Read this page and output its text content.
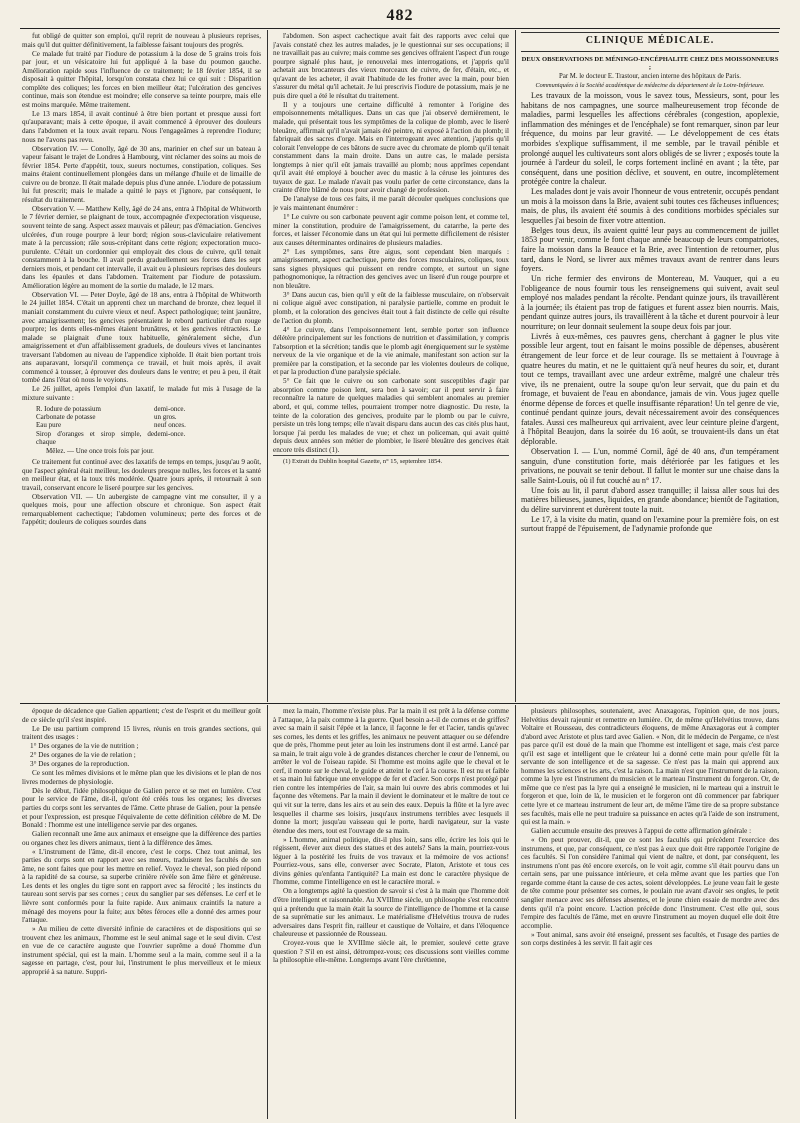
482

fut obligé de quitter son emploi, qu'il reprit de nouveau à plusieurs reprises, mais qu'il dut quitter définitivement, la faiblesse faisant toujours des progrès.

Ce malade fut traité par l'iodure de potassium à la dose de 5 grains trois fois par jour, et un vésicatoire lui fut appliqué à la base du poumon gauche. Amélioration rapide sous l'influence de ce traitement; le 18 février 1854, il se disposait à quitter l'hôpital, lorsqu'on constata chez lui ce qui suit : Disparition complète des coliques; les forces en bien meilleur état; l'ulcération des gencives continue, mais son étendue est moindre; elle conserve sa teinte pourpre, mais elle est moins marquée. Même traitement.

Le 13 mars 1854, il avait continué à être bien portant et presque aussi fort qu'auparavant; mais à cette époque, il avait commencé à éprouver des douleurs dans l'abdomen et la toux avait reparu. Nous l'engageâmes à reprendre l'iodure; nous ne l'avons pas revu.

Observation IV. — Conolly, âgé de 30 ans, marinier en chef sur un bateau à vapeur faisant le trajet de Londres à Hambourg, vint réclamer des soins au mois de février 1854. Perte d'appétit, toux, sueurs nocturnes, constipation, coliques. Ses mains étaient continuellement plongées dans un mélange d'huile et de limaille de cuivre ou de bronze. Il était malade depuis plus d'une année. L'iodure de potassium lui fut prescrit; mais le malade a quitté le pays et j'ignore, par conséquent, le résultat du traitement.

Observation V. — Matthew Kelly, âgé de 24 ans, entra à l'hôpital de Whitworth le 7 février dernier, se plaignant de toux, accompagnée d'expectoration visqueuse, souvent teinte de sang. Aspect assez mauvais et pâleur; pas d'émaciation. Gencives ulcérées, d'un rouge pourpre à leur bord; région sous-claviculaire relativement mate à la percussion; râle sous-crépitant dans cette région; expectoration muco-purulente. C'était un cordonnier qui employait des clous de cuivre, qu'il tenait constamment à la bouche. Il avait perdu graduellement ses forces dans les sept derniers mois, et pendant cet intervalle, il avait eu à plusieurs reprises des douleurs dans les épaules et dans l'abdomen. Traitement par l'iodure de potassium. Amélioration légère au moment de la sortie du malade, le 12 mars.

Observation VI. — Peter Doyle, âgé de 18 ans, entra à l'hôpital de Whitworth le 24 juillet 1854. C'était un apprenti chez un marchand de bronze, chez lequel il maniait constamment du cuivre vieux et neuf. Aspect pathologique; teint jaunâtre, avec amaigrissement; les gencives présentaient le rebord particulier d'un rouge pourpre; les dents elles-mêmes étaient brunâtres, et les gencives rétractées. Le malade se plaignait d'une toux habituelle, généralement sèche, d'un amaigrissement et d'un affaiblissement graduels, de douleurs vives et lancinantes traversant l'abdomen au niveau de l'appendice xiphoïde. Il était bien portant trois ans auparavant, lorsqu'il commença ce travail, et huit mois après, il avait commencé à tousser, à éprouver des douleurs dans le ventre; et peu à peu, il était tombé dans l'état où nous le voyions.

Le 26 juillet, après l'emploi d'un laxatif, le malade fut mis à l'usage de la mixture suivante :

R. Iodure de potassium	demi-once.
Carbonate de potasse	un gros.
Eau pure	neuf onces.
Sirop d'oranges et sirop simple, de chaque
demi-once.
Mêlez. — Une once trois fois par jour.

Ce traitement fut continué avec des laxatifs de temps en temps, jusqu'au 9 août, que l'aspect général était meilleur, les douleurs presque nulles, les forces et la santé en meilleur état, et la toux très modérée. Quatre jours après, il retournait à son travail, conservant encore le liseré pourpre sur les gencives.

Observation VII. — Un aubergiste de campagne vint me consulter, il y a quelques mois, pour une affection obscure et chronique. Son aspect était remarquablement cachectique; l'abdomen volumineux; perte des forces et de l'appétit; douleurs de coliques sourdes dans

l'abdomen. Son aspect cachectique avait fait des rapports avec celui que j'avais constaté chez les autres malades, je le questionnai sur ses occupations; il ne travaillait pas au cuivre; mais comme ses gencives offraient l'aspect d'un rouge pourpre signalé plus haut, je renouvelai mes interrogations, et j'appris qu'il achetait aux brocanteurs des vieux morceaux de cuivre, de fer, d'étain, etc., et qu'avant de les acheter, il avait l'habitude de les frotter avec la main, pour bien s'assurer du métal qu'il achetait. Je lui prescrivis l'iodure de potassium, mais je ne puis dire quel a été le résultat du traitement.

Il y a toujours une certaine difficulté à remonter à l'origine des empoisonnements métalliques. Dans un cas que j'ai observé dernièrement, le malade, qui présentait tous les symptômes de la colique de plomb, avec le liseré bleuâtre, affirmait qu'il n'avait jamais été peintre, ni exposé à l'action du plomb; il fabriquait des sacres d'orge. Mais en l'interrogeant avec attention, j'appris qu'il colorait l'enveloppe de ces bâtons de sucre avec du chromate de plomb qu'il tenait constamment dans la main droite. Dans un autre cas, le malade persista longtemps à nier qu'il eût jamais travaillé au plomb; nous apprîmes cependant qu'il avait été employé à boucher avec du mastic à la céruse les jointures des tuyaux de gaz. Le malade n'avait pas voulu parler de cette circonstance, dans la crainte d'être blâmé de nous pour avoir changé de profession.

De l'analyse de tous ces faits, il me paraît découler quelques conclusions que je vais maintenant énumérer :

1° Le cuivre ou son carbonate peuvent agir comme poison lent, et comme tel, miner la constitution, produire de l'amaigrissement, du catarrhe, la perte des forces, et laisser l'économie dans un état qui lui permette difficilement de résister aux causes déterminantes ordinaires de plusieurs maladies.

2° Les symptômes, sans être aigus, sont cependant bien marqués : amaigrissement, aspect cachectique, perte des forces musculaires, coliques, toux sans signes physiques qui puissent en rendre compte, et surtout un signe pathognomonique, la rétraction des gencives avec un liseré d'un rouge pourpre et non bleuâtre.

3° Dans aucun cas, bien qu'il y eût de la faiblesse musculaire, on n'observait ni colique aiguë avec constipation, ni paralysie partielle, comme en produit le plomb, et la coloration des gencives était tout à fait distincte de celle qui résulte de l'action du plomb.

4° Le cuivre, dans l'empoisonnement lent, semble porter son influence délétère principalement sur les fonctions de nutrition et d'assimilation, y compris l'absorption et la sécrétion; tandis que le plomb agit énergiquement sur le système nerveux de la vie organique et de la vie animale, manifestant son action sur la première par la constipation, et la seconde par les violentes douleurs de colique, et par la production d'une paralysie spéciale.

5° Ce fait que le cuivre ou son carbonate sont susceptibles d'agir par absorption comme poison lent, sera bon à savoir; car il peut servir à faire reconnaître la nature de quelques maladies qui semblent anomales au premier abord, et qui, comme telles, pourraient tromper notre diagnostic. Du reste, la teinte de la coloration des gencives, produite par le plomb ou par le cuivre, persiste un très long temps; elle n'avait disparu dans aucun des cas cités plus haut, lorsque j'ai perdu les malades de vue; et chez un policeman, qui avait quitté depuis deux années son métier de plombier, le liseré bleuâtre des gencives était encore très distinct (1).

(1) Extrait du Dublin hospital Gazette, n° 15, septembre 1854.

CLINIQUE MÉDICALE.

DEUX OBSERVATIONS DE MÉNINGO-ENCÉPHALITE CHEZ DES MOISSONNEURS ;

Par M. le docteur E. Trastour, ancien interne des hôpitaux de Paris.

Communiquées à la Société académique de médecine du département de la Loire-Inférieure.

Les travaux de la moisson, vous le savez tous, Messieurs, sont, pour les habitans de nos campagnes, une source malheureusement trop féconde de maladies, parmi lesquelles les affections cérébrales (congestion, apoplexie, inflammation des méninges et de l'encéphale) se font remarquer, sinon par leur fréquence, du moins par leur gravité. — Le développement de ces états morbides s'explique suffisamment, il me semble, par le travail pénible et prolongé auquel les cultivateurs sont alors obligés de se livrer ; exposés toute la journée à l'ardeur du soleil, le corps fortement incliné en avant ; la tête, par conséquent, dans une position déclive, et souvent, en outre, incomplètement protégée contre la chaleur.

Les malades dont je vais avoir l'honneur de vous entretenir, occupés pendant un mois à la moisson dans la Brie, avaient subi toutes ces fâcheuses influences; mais, de plus, ils avaient été soumis à des conditions morbides spéciales sur lesquelles j'ai besoin de fixer votre attention.

Belges tous deux, ils avaient quitté leur pays au commencement de juillet 1853 pour venir, comme le font chaque année beaucoup de leurs compatriotes, faire la moisson dans la Beauce et la Brie, avec l'intention de retourner, plus tard, dans le Nord, se livrer aux mêmes travaux avant de rentrer dans leurs foyers.

Un riche fermier des environs de Montereau, M. Vauquer, qui a eu l'obligeance de nous fournir tous les renseignemens qui suivent, avait seul employé nos malades pendant la récolte. Pendant quinze jours, ils travaillèrent à la journée; ils étaient pas trop de fatigues et furent assez bien nourris. Mais, pendant quinze autres jours, ils travaillèrent à la tâche et durent pourvoir à leur nourriture; on leur donnait seulement la soupe deux fois par jour.

Livrés à eux-mêmes, ces pauvres gens, cherchant à gagner le plus vite possible leur argent, tout en faisant le moins possible de dépenses, abusèrent étrangement de leur force et de leur courage. Ils se mettaient à l'ouvrage à quatre heures du matin, et ne le quittaient qu'à neuf heures du soir, et, durant tout ce temps, travaillant avec une ardeur extrême, malgré une chaleur très vive, ils ne prenaient, outre la soupe qu'on leur servait, que du pain et du fromage, et buvaient de l'eau en abondance, jamais de vin. Vous jugez quelle énorme dépense de forces et quelle insuffisante réparation! Un tel genre de vie, continué pendant quinze jours, devait nécessairement avoir des conséquences fatales. Aussi ces malheureux qui arrivaient, avec leur ceinture pleine d'argent, à l'hôpital Beaujon, dans la soirée du 16 août, se trouvaient-ils dans un état déplorable.

Observation I. — L'un, nommé Cornil, âgé de 40 ans, d'un tempérament sanguin, d'une constitution forte, mais détériorée par les fatigues et les privations, ne pouvait se tenir debout. Il fallut le monter sur une chaise dans la salle Saint-Louis, où il fut couché au n° 17.

Une fois au lit, il parut d'abord assez tranquille; il laissa aller sous lui des matières bilieuses, jaunes, liquides, en grande abondance; bientôt de l'agitation, du délire survinrent et durèrent toute la nuit.

Le 17, à la visite du matin, quand on l'examine pour la première fois, on est surtout frappé de l'épuisement, de l'adynamie profonde que

époque de décadence que Galien appartient; c'est de l'esprit et du meilleur goût de ce siècle qu'il s'est inspiré.

Le De usu partium comprend 15 livres, réunis en trois grandes sections, qui traitent des usages :

1° Des organes de la vie de nutrition ;

2° Des organes de la vie de relation ;

3° Des organes de la reproduction.

Ce sont les mêmes divisions et le même plan que les divisions et le plan de nos livres modernes de physiologie.

Dès le début, l'idée philosophique de Galien perce et se met en lumière. C'est pour le service de l'âme, dit-il, qu'ont été créés tous les organes; les diverses parties du corps sont les servantes de l'âme. Cette phrase de Galien, pour la pensée et pour l'expression, est presque l'équivalente de cette définition célèbre de M. De Bonald : l'homme est une intelligence servie par des organes.

Galien reconnaît une âme aux animaux et enseigne que la différence des parties ou organes chez les divers animaux, tient à la différence des âmes.

« L'instrument de l'âme, dit-il encore, c'est le corps. Chez tout animal, les parties du corps sont en rapport avec ses mœurs, traduisent les facultés de son âme, ne sont faites que pour les mettre en relief. Voyez le cheval, son pied répond à la rapidité de sa course, sa superbe crinière révèle son âme fière et généreuse. Les dents et les ongles du tigre sont en rapport avec sa férocité ; les instincts du taureau sont servis par ses cornes ; ceux du sanglier par ses défenses. Le cerf et le lièvre sont conformés pour la fuite rapide. Aux animaux craintifs la nature a ménagé des moyens pour la fuite; aux bêtes féroces elle a donné des armes pour l'attaque.

» Au milieu de cette diversité infinie de caractères et de dispositions qui se trouvent chez les animaux, l'homme est le seul animal sage et le seul divin. C'est en vue de ce caractère auguste que l'ouvrier suprême a doué l'homme d'un instrument spécial, qui est la main. L'homme seul a la main, comme seul il a la sagesse en partage, c'est, pour lui, l'instrument le plus merveilleux et le mieux approprié à sa nature. Suppri-

mez la main, l'homme n'existe plus. Par la main il est prêt à la défense comme à l'attaque, à la paix comme à la guerre. Quel besoin a-t-il de cornes et de griffes? avec sa main il saisit l'épée et la lance, il façonne le fer et l'acier, tandis qu'avec ses cornes, les dents et les griffes, les animaux ne peuvent attaquer ou se défendre que de près, l'homme peut jeter au loin les instrumens dont il est armé. Lancé par sa main, le trait aigu vole à de grandes distances chercher le cœur de l'ennemi, ou arrêter le vol de l'oiseau rapide. Si l'homme est moins agile que le cheval et le cerf, il monte sur le cheval, le guide et atteint le cerf à la course. Il est nu et faible et sa main lui fabrique une enveloppe de fer et d'acier. Son corps n'est protégé par rien contre les intempéries de l'air, sa main lui ouvre des abris commodes et lui façonne des vêtemens. Par la main il devient le dominateur et le maître de tout ce qui vit sur la terre, dans les airs et au sein des eaux. Depuis la flûte et la lyre avec lesquelles il charme ses loisirs, jusqu'aux instrumens terribles avec lesquels il donne la mort; jusqu'au vaisseau qui le porte, hardi navigateur, sur la vaste étendue des mers, tout est l'ouvrage de sa main.

» L'homme, animal politique, dit-il plus loin, sans elle, écrire les lois qui le régissent, élever aux dieux des statues et des autels? Sans la main, pourriez-vous léguer à la postérité les fruits de vos travaux et la mémoire de vos actions! Pourriez-vous, sans elle, converser avec Socrate, Platon, Aristote et tous ces divins génies qu'enfanta l'antiquité? La main est donc le caractère physique de l'homme, comme l'intelligence en est le caractère moral. »

On a longtemps agité la question de savoir si c'est à la main que l'homme doit d'être intelligent et raisonnable. Au XVIIIme siècle, un philosophe s'est rencontré qui a prétendu que la main était la source de l'intelligence de l'homme et la cause de sa suprématie sur les animaux. Le matérialisme d'Helvétius trouva de rudes adversaires dans l'esprit fin, railleur et caustique de Voltaire, et dans l'éloquence chaleureuse et passionnée de Rousseau.

Croyez-vous que le XVIIIme siècle ait, le premier, soulevé cette grave question ? S'il en est ainsi, détrompez-vous; ces discussions sont vieilles comme la philosophie elle-même. Longtemps avant l'ère chrétienne,

plusieurs philosophes, soutenaient, avec Anaxagoras, l'opinion que, de nos jours, Helvétius devait rajeunir et remettre en lumière. Or, de même qu'Helvétius trouve, dans Voltaire et Rousseau, des contradicteurs éloquens, de même Anaxagoras eut à compter d'abord avec Aristote et plus tard avec Galien. « Non, dit le médecin de Pergame, ce n'est pas parce qu'il est doué de la main que l'homme est intelligent et sage, mais c'est parce qu'il est sage et intelligent que le créateur lui a donné cette main pour qu'elle fût la servante de son intelligence et de sa sagesse. Ce n'est pas la main qui apprend aux hommes les sciences et les arts, c'est la raison. La main n'est que l'instrument de la raison, comme la lyre est l'instrument du musicien et le marteau l'instrument du forgeron. Or, de même que ce n'est pas la lyre qui a enseigné le musicien, ni le marteau qui a instruit le forgeron et que, loin de là, le musicien et le forgeron ont dû commencer par fabriquer cette lyre et ce marteau instrument de leur art, de même l'âme tire de sa propre substance ses facultés, mais elle ne peut traduire sa puissance en actes qu'à l'aide de son instrument, qui est la main. »

Galien accumule ensuite des preuves à l'appui de cette affirmation générale :

« On peut prouver, dit-il, que ce sont les facultés qui précèdent l'exercice des instrumens, et que, par conséquent, ce n'est pas à eux que doit être rapportée l'origine de ces facultés. Si l'on considère l'animal qui vient de naître, et dont, par conséquent, les instrumens n'ont pas été encore exercés, on le voit agir, comme s'il était pourvu dans un certain sens, par une puissance intérieure, et cela même avant que les parties que l'on regarde comme étant la cause de ces actes, soient développées. Le jeune veau fait le geste de tête comme pour présenter ses cornes, le poulain rue avant d'avoir ses ongles, le petit sanglier menace avec ses défenses absentes, et le jeune chien essaie de mordre avec des dents qu'il n'a point encore. L'action précède donc l'instrument. C'est elle qui, sous l'empire des facultés de l'âme, met en œuvre l'instrument au moyen duquel elle doit être accomplie.

» Tout animal, sans avoir été enseigné, pressent ses facultés, et l'usage des parties de son corps destinées à les servir. Il fait agir ces
